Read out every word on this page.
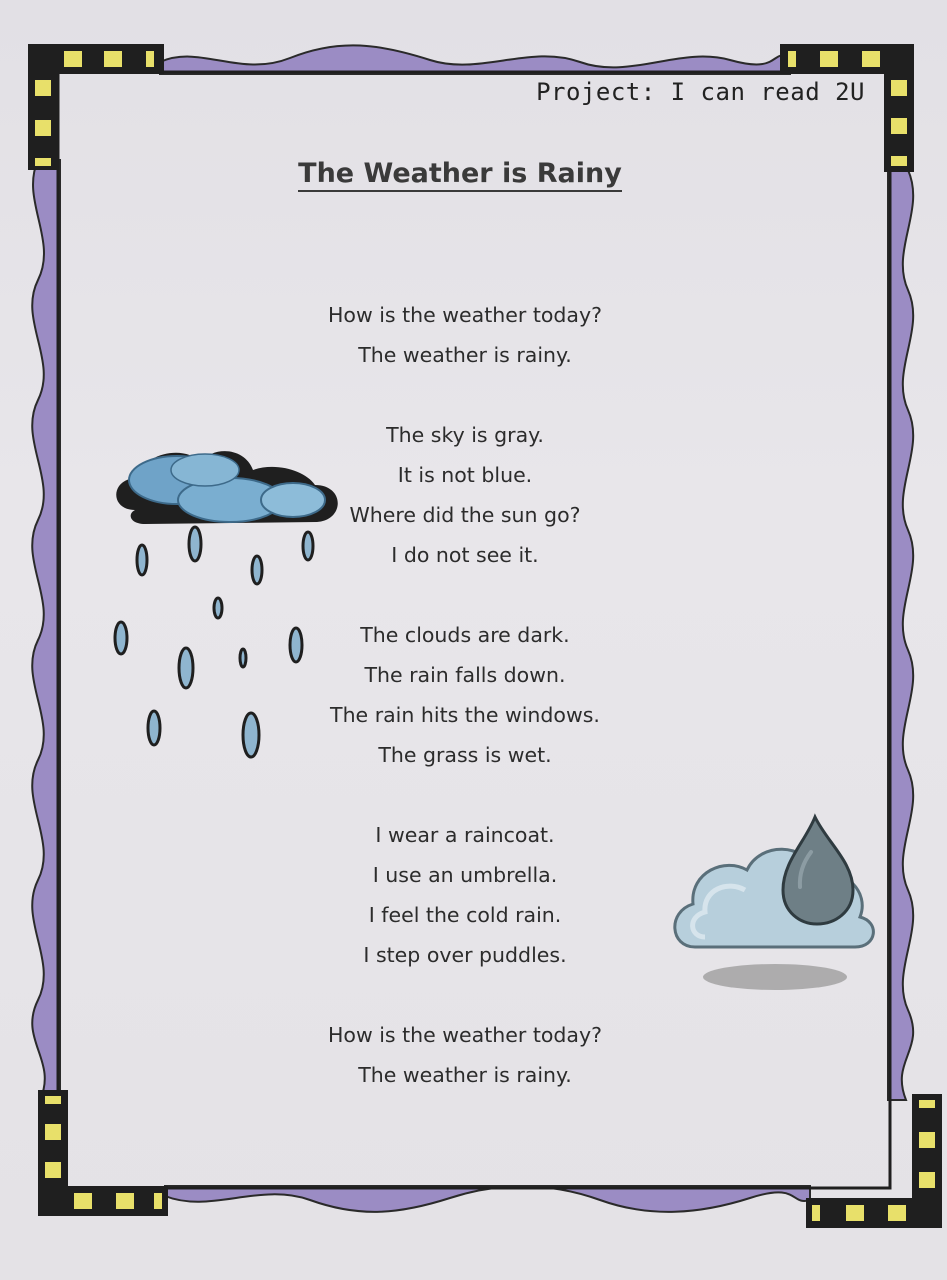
Project: I can read 2U
The Weather is Rainy
How is the weather today?
The weather is rainy.
The sky is gray.
It is not blue.
Where did the sun go?
I do not see it.
The clouds are dark.
The rain falls down.
The rain hits the windows.
The grass is wet.
I wear a raincoat.
I use an umbrella.
I feel the cold rain.
I step over puddles.
How is the weather today?
The weather is rainy.
